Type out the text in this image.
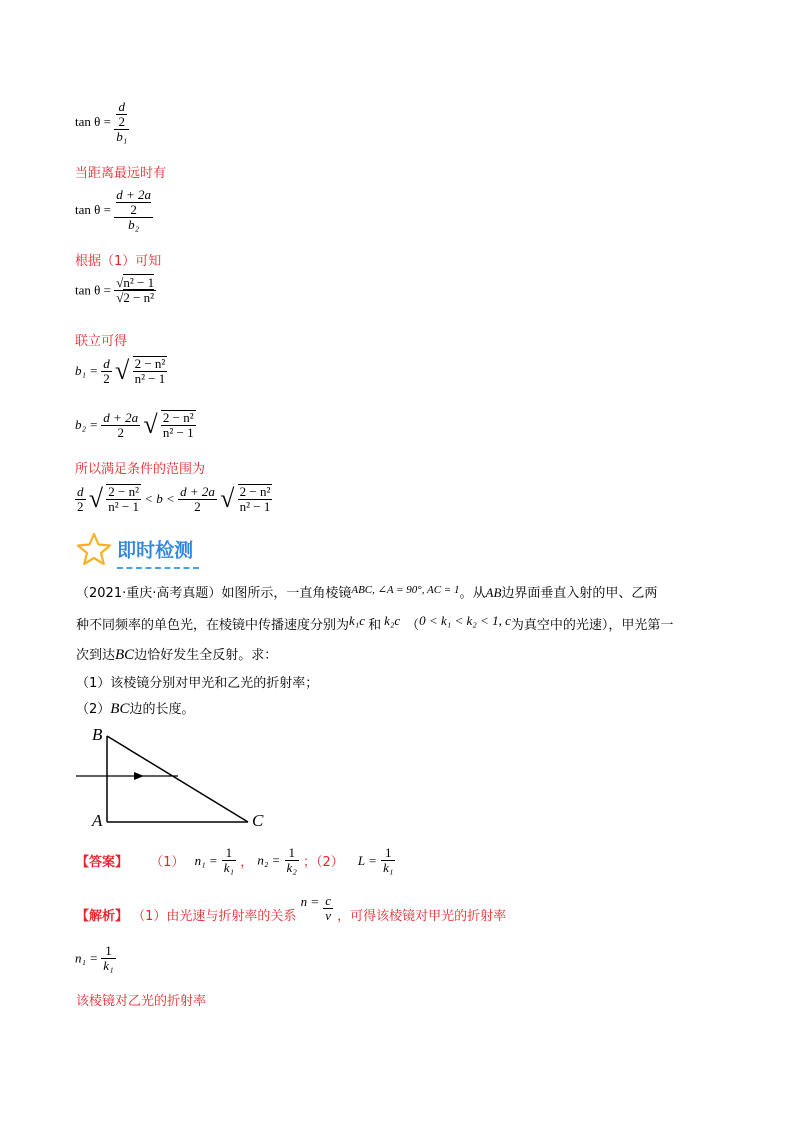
tan θ = d
2
b₁
当距离最远时有
tan θ = d + 2a
2
b₂
根据（1）可知
$\tan \theta = \frac{\text{√n² − 1}}{\text{√2 − n²}}$
联立可得
$b_1 = \frac{d}{2}$ √ $\frac{\text{2 − n²}}{\text{n² − 1}}$
$b_2 = \frac{d + 2a}{2}$ √ $\frac{\text{2 − n²}}{\text{n² − 1}}$
所以满足条件的范围为
$\frac{d}{2}$ √ $\frac{\text{2 − n²}}{\text{n² − 1}} < b < \frac{d + 2a}{2}$ √ $\frac{\text{2 − n²}}{\text{n² − 1}}$
即时检测
（2021·重庆·高考真题）如图所示，一直角棱镜$^{ABC, \angle A = 90^\circ, AC = 1}$。从AB边界面垂直入射的甲、乙两
种不同频率的单色光，在棱镜中传播速度分别为k₁c 和 k₂c （0 < k₁ < k₂ < 1, c为真空中的光速），甲光第一
次到达BC边恰好发生全反射。求：
（1）该棱镜分别对甲光和乙光的折射率；
（2）BC边的长度。
B
A	C
【答案】 （1） $n_1 = \frac{1}{\text{k₁}}$ ， $n_2 = \frac{1}{\text{k₂}}$ ；（2） $L = \frac{1}{\text{k₁}}$
【解析】 （1）由光速与折射率的关系 $n = \frac{c}{v}$ ，可得该棱镜对甲光的折射率
$n_1 = \frac{1}{\text{k₁}}$
该棱镜对乙光的折射率
